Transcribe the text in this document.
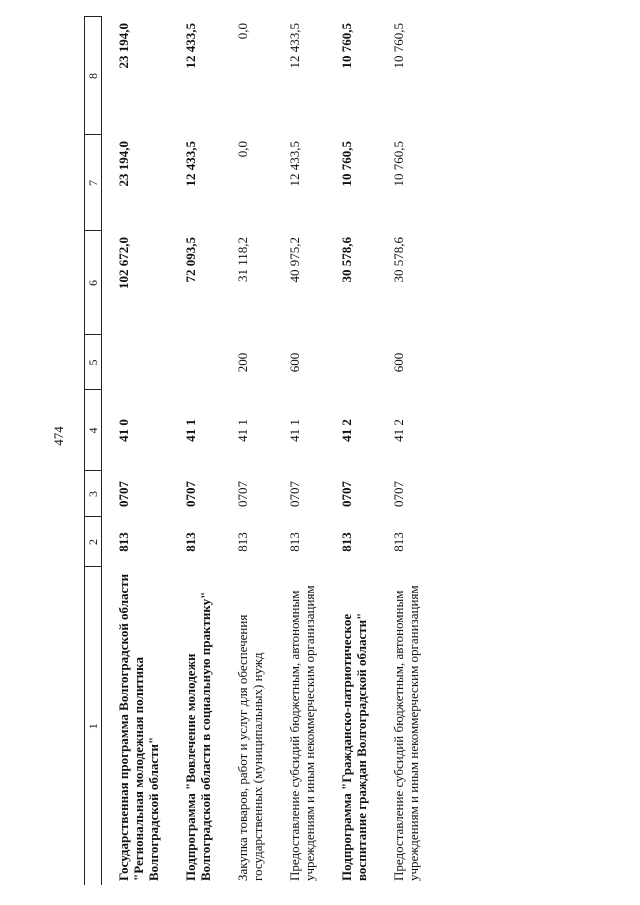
474
1	2	3	4	5	6	7	8
Государственная программа Волгоградской области "Региональная молодежная политика Волгоградской области"	813	0707	41 0		102 672,0	23 194,0	23 194,0
Подпрограмма "Вовлечение молодежи Волгоградской области в социальную практику"	813	0707	41 1		72 093,5	12 433,5	12 433,5
Закупка товаров, работ и услуг для обеспечения государственных (муниципальных) нужд	813	0707	41 1	200	31 118,2	0,0	0,0
Предоставление субсидий бюджетным, автономным учреждениям и иным некоммерческим организациям	813	0707	41 1	600	40 975,2	12 433,5	12 433,5
Подпрограмма "Гражданско-патриотическое воспитание граждан Волгоградской области"	813	0707	41 2		30 578,6	10 760,5	10 760,5
Предоставление субсидий бюджетным, автономным учреждениям и иным некоммерческим организациям	813	0707	41 2	600	30 578,6	10 760,5	10 760,5
